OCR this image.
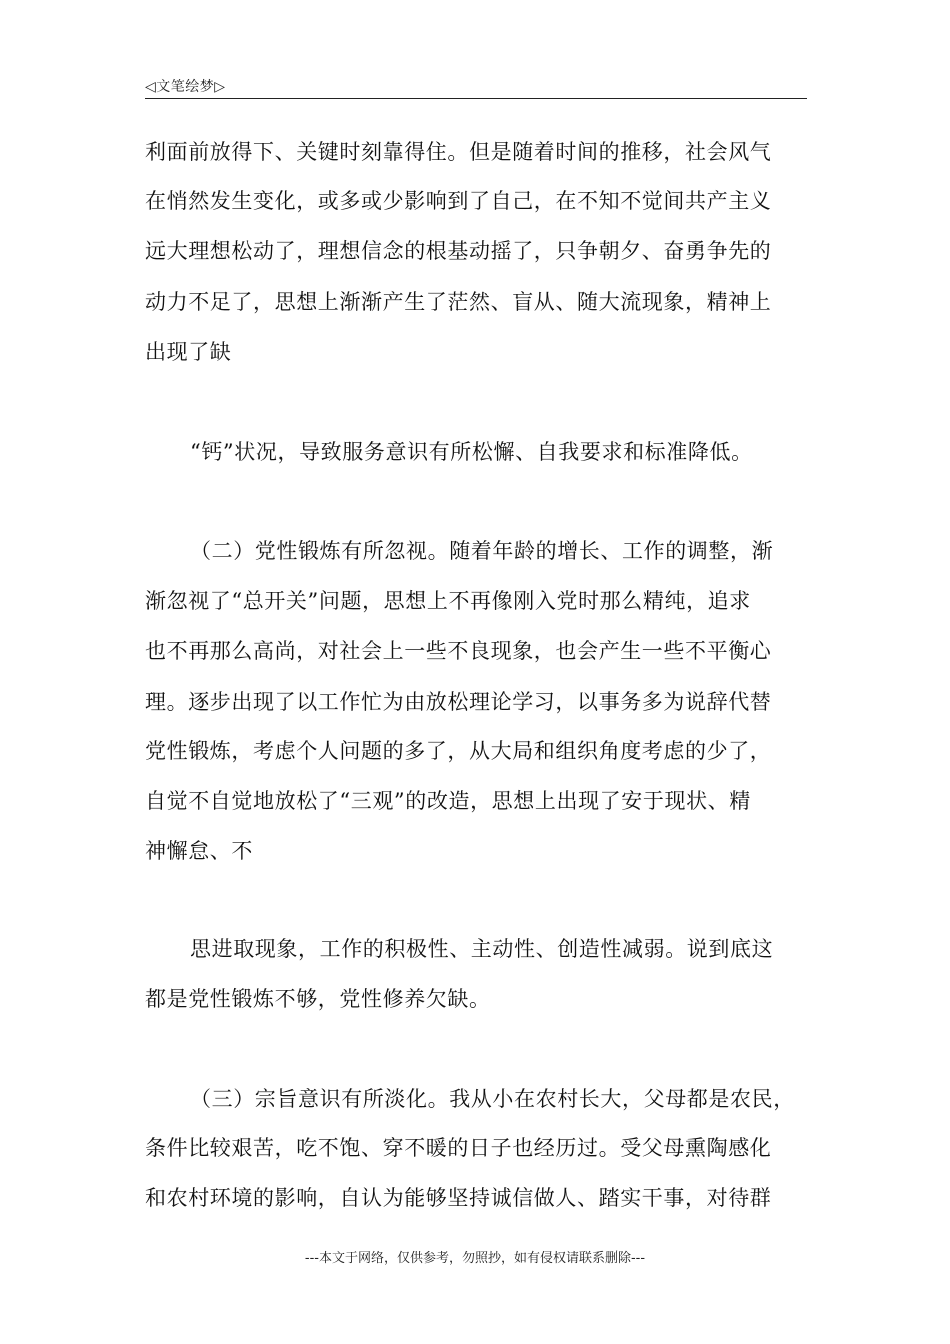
◁文笔绘梦▷
利面前放得下、关键时刻靠得住。但是随着时间的推移，社会风气
在悄然发生变化，或多或少影响到了自己，在不知不觉间共产主义
远大理想松动了，理想信念的根基动摇了，只争朝夕、奋勇争先的
动力不足了，思想上渐渐产生了茫然、盲从、随大流现象，精神上
出现了缺
“钙”状况，导致服务意识有所松懈、自我要求和标准降低。
（二）党性锻炼有所忽视。随着年龄的增长、工作的调整，渐
渐忽视了“总开关”问题，思想上不再像刚入党时那么精纯，追求
也不再那么高尚，对社会上一些不良现象，也会产生一些不平衡心
理。逐步出现了以工作忙为由放松理论学习，以事务多为说辞代替
党性锻炼，考虑个人问题的多了，从大局和组织角度考虑的少了，
自觉不自觉地放松了“三观”的改造，思想上出现了安于现状、精
神懈怠、不
思进取现象，工作的积极性、主动性、创造性减弱。说到底这
都是党性锻炼不够，党性修养欠缺。
（三）宗旨意识有所淡化。我从小在农村长大，父母都是农民，
条件比较艰苦，吃不饱、穿不暖的日子也经历过。受父母熏陶感化
和农村环境的影响，自认为能够坚持诚信做人、踏实干事，对待群
---本文于网络，仅供参考，勿照抄，如有侵权请联系删除---
